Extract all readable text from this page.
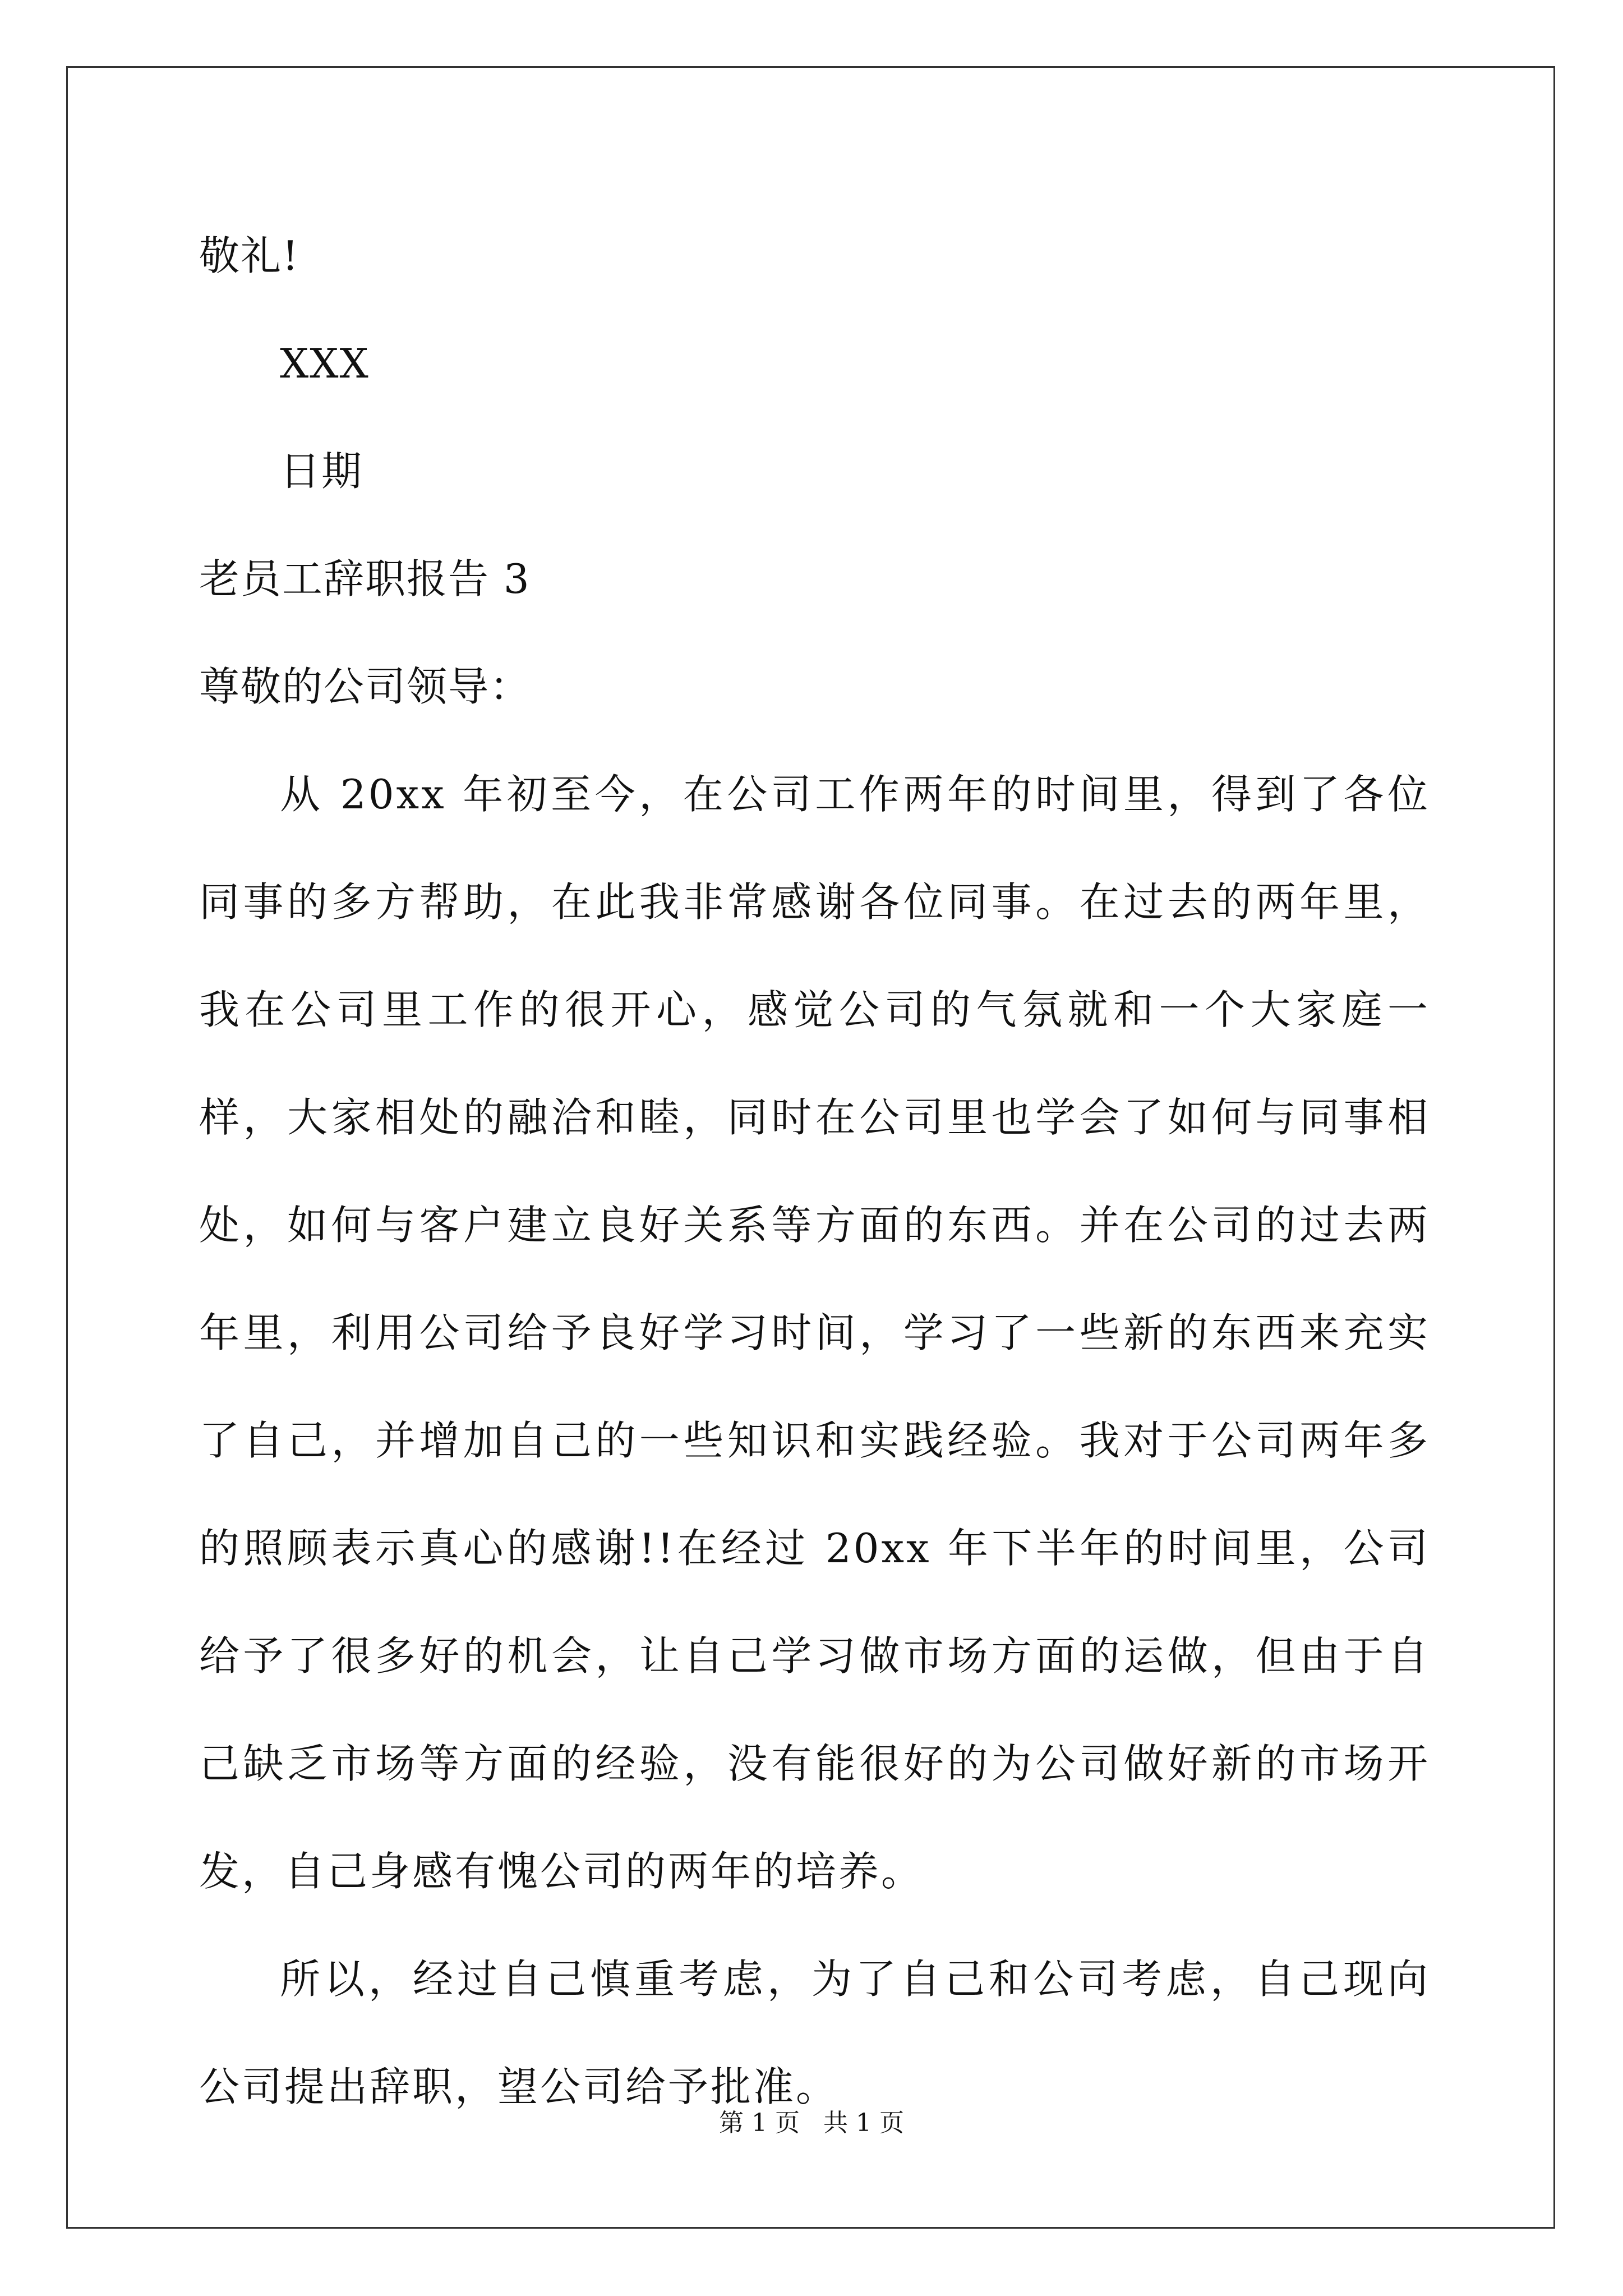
敬礼!
XXX
日期
老员工辞职报告 3
尊敬的公司领导：

从 20xx 年初至今，在公司工作两年的时间里，得到了各位同事的多方帮助，在此我非常感谢各位同事。在过去的两年里，我在公司里工作的很开心，感觉公司的气氛就和一个大家庭一样，大家相处的融洽和睦，同时在公司里也学会了如何与同事相处，如何与客户建立良好关系等方面的东西。并在公司的过去两年里，利用公司给予良好学习时间，学习了一些新的东西来充实了自己，并增加自己的一些知识和实践经验。我对于公司两年多的照顾表示真心的感谢!!在经过 20xx 年下半年的时间里，公司给予了很多好的机会，让自己学习做市场方面的运做，但由于自己缺乏市场等方面的经验，没有能很好的为公司做好新的市场开发，自己身感有愧公司的两年的培养。

所以，经过自己慎重考虑，为了自己和公司考虑，自己现向公司提出辞职，望公司给予批准。

第 1 页 共 1 页
